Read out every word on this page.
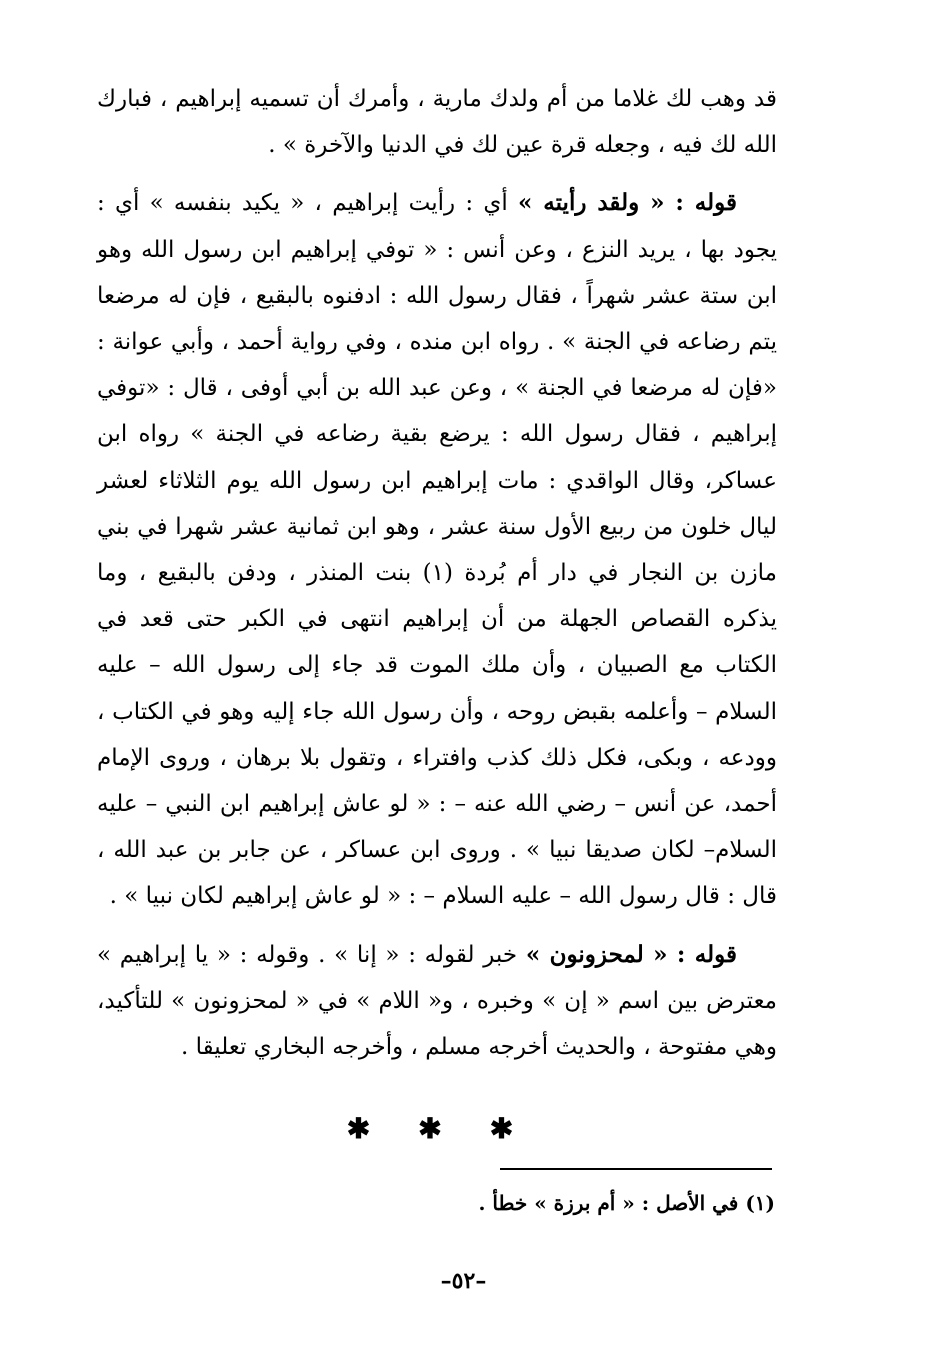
قد وهب لك غلاما من أم ولدك مارية ، وأمرك أن تسميه إبراهيم ، فبارك الله لك فيه ، وجعله قرة عين لك في الدنيا والآخرة » .

قوله : « ولقد رأيته » أي : رأيت إبراهيم ، « يكيد بنفسه » أي : يجود بها ، يريد النزع ، وعن أنس : « توفي إبراهيم ابن رسول الله وهو ابن ستة عشر شهراً ، فقال رسول الله : ادفنوه بالبقيع ، فإن له مرضعا يتم رضاعه في الجنة » . رواه ابن منده ، وفي رواية أحمد ، وأبي عوانة : «فإن له مرضعا في الجنة » ، وعن عبد الله بن أبي أوفى ، قال : «توفي إبراهيم ، فقال رسول الله : يرضع بقية رضاعه في الجنة » رواه ابن عساكر، وقال الواقدي : مات إبراهيم ابن رسول الله يوم الثلاثاء لعشر ليال خلون من ربيع الأول سنة عشر ، وهو ابن ثمانية عشر شهرا في بني مازن بن النجار في دار أم بُردة (١) بنت المنذر ، ودفن بالبقيع ، وما يذكره القصاص الجهلة من أن إبراهيم انتهى في الكبر حتى قعد في الكتاب مع الصبيان ، وأن ملك الموت قد جاء إلى رسول الله – عليه السلام – وأعلمه بقبض روحه ، وأن رسول الله جاء إليه وهو في الكتاب ، وودعه ، وبكى، فكل ذلك كذب وافتراء ، وتقول بلا برهان ، وروى الإمام أحمد، عن أنس – رضي الله عنه – : « لو عاش إبراهيم ابن النبي – عليه السلام– لكان صديقا نبيا » . وروى ابن عساكر ، عن جابر بن عبد الله ، قال : قال رسول الله – عليه السلام – : « لو عاش إبراهيم لكان نبيا » .

قوله : « لمحزونون » خبر لقوله : « إنا » . وقوله : « يا إبراهيم » معترض بين اسم « إن » وخبره ، و« اللام » في « لمحزونون » للتأكيد، وهي مفتوحة ، والحديث أخرجه مسلم ، وأخرجه البخاري تعليقا .

✱
✱
✱
(١) في الأصل : « أم برزة » خطأ .
–٥٢–
